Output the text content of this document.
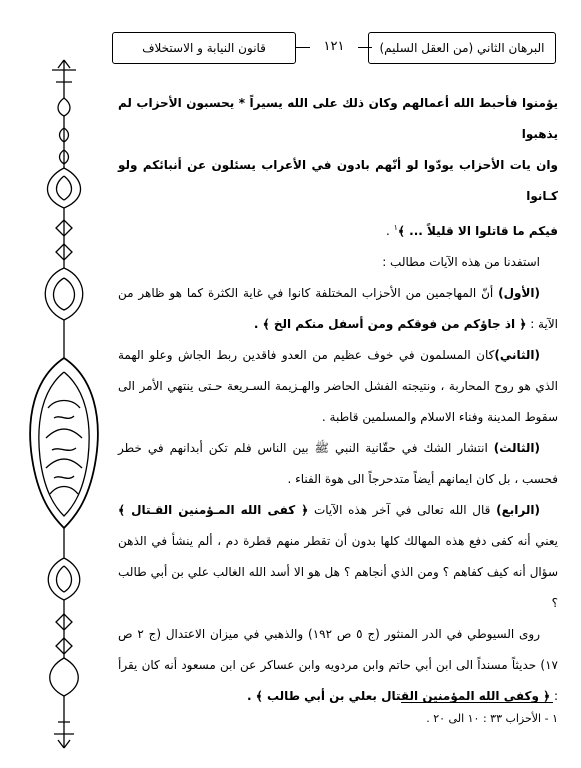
البرهان الثاني (من العقل السليم)
١٢١
قانون النيابة و الاستخلاف

يؤمنوا فأحبط الله أعمالهم وكان ذلك على الله يسيراً * يحسبون الأحزاب لم يذهبوا

وان يات الأحزاب يودّوا لو أنّهم بادون في الأعراب يسئلون عن أنبائكم ولو كـانوا

فيكم ما قاتلوا الا قليلاً ... ﴾$^١$ .

استفدنا من هذه الآيات مطالب :

(الأول) أنّ المهاجمين من الأحزاب المختلفة كانوا في غاية الكثرة كما هو ظاهر من الآية : ﴿ اذ جاؤكم من فوقكم ومن أسفل منكم الخ ﴾ .

(الثاني)كان المسلمون في خوف عظيم من العدو فاقدين ربط الجاش وعلو الهمة الذي هو روح المحاربة ، ونتيجته الفشل الحاضر والهـزيمة السـريعة حـتى ينتهي الأمر الى سقوط المدينة وفناء الاسلام والمسلمين قاطبة .

(الثالث) انتشار الشك في حقّانية النبي ﷺ بين الناس فلم تكن أبدانهم في خطر فحسب ، بل كان ايمانهم أيضاً متدحرجاً الى هوة الفناء .

(الرابع) قال الله تعالى في آخر هذه الآيات ﴿ كفى الله المـؤمنين القـتال ﴾ يعني أنه كفى دفع هذه المهالك كلها بدون أن تقطر منهم قطرة دم ، ألم ينشأ في الذهن سؤال أنه كيف كفاهم ؟ ومن الذي أنجاهم ؟ هل هو الا أسد الله الغالب علي بن أبي طالب ؟

روى السيوطي في الدر المنثور (ج ٥ ص ١٩٢) والذهبي في ميزان الاعتدال (ج ٢ ص ١٧) حديثاً مسنداً الى ابن أبي حاتم وابن مردويه وابن عساكر عن ابن مسعود أنه كان يقرأ : ﴿ وكفى الله المؤمنين القتال بعلي بن أبي طالب ﴾ .

١ - الأحزاب ٣٣ : ١٠ الى ٢٠ .
